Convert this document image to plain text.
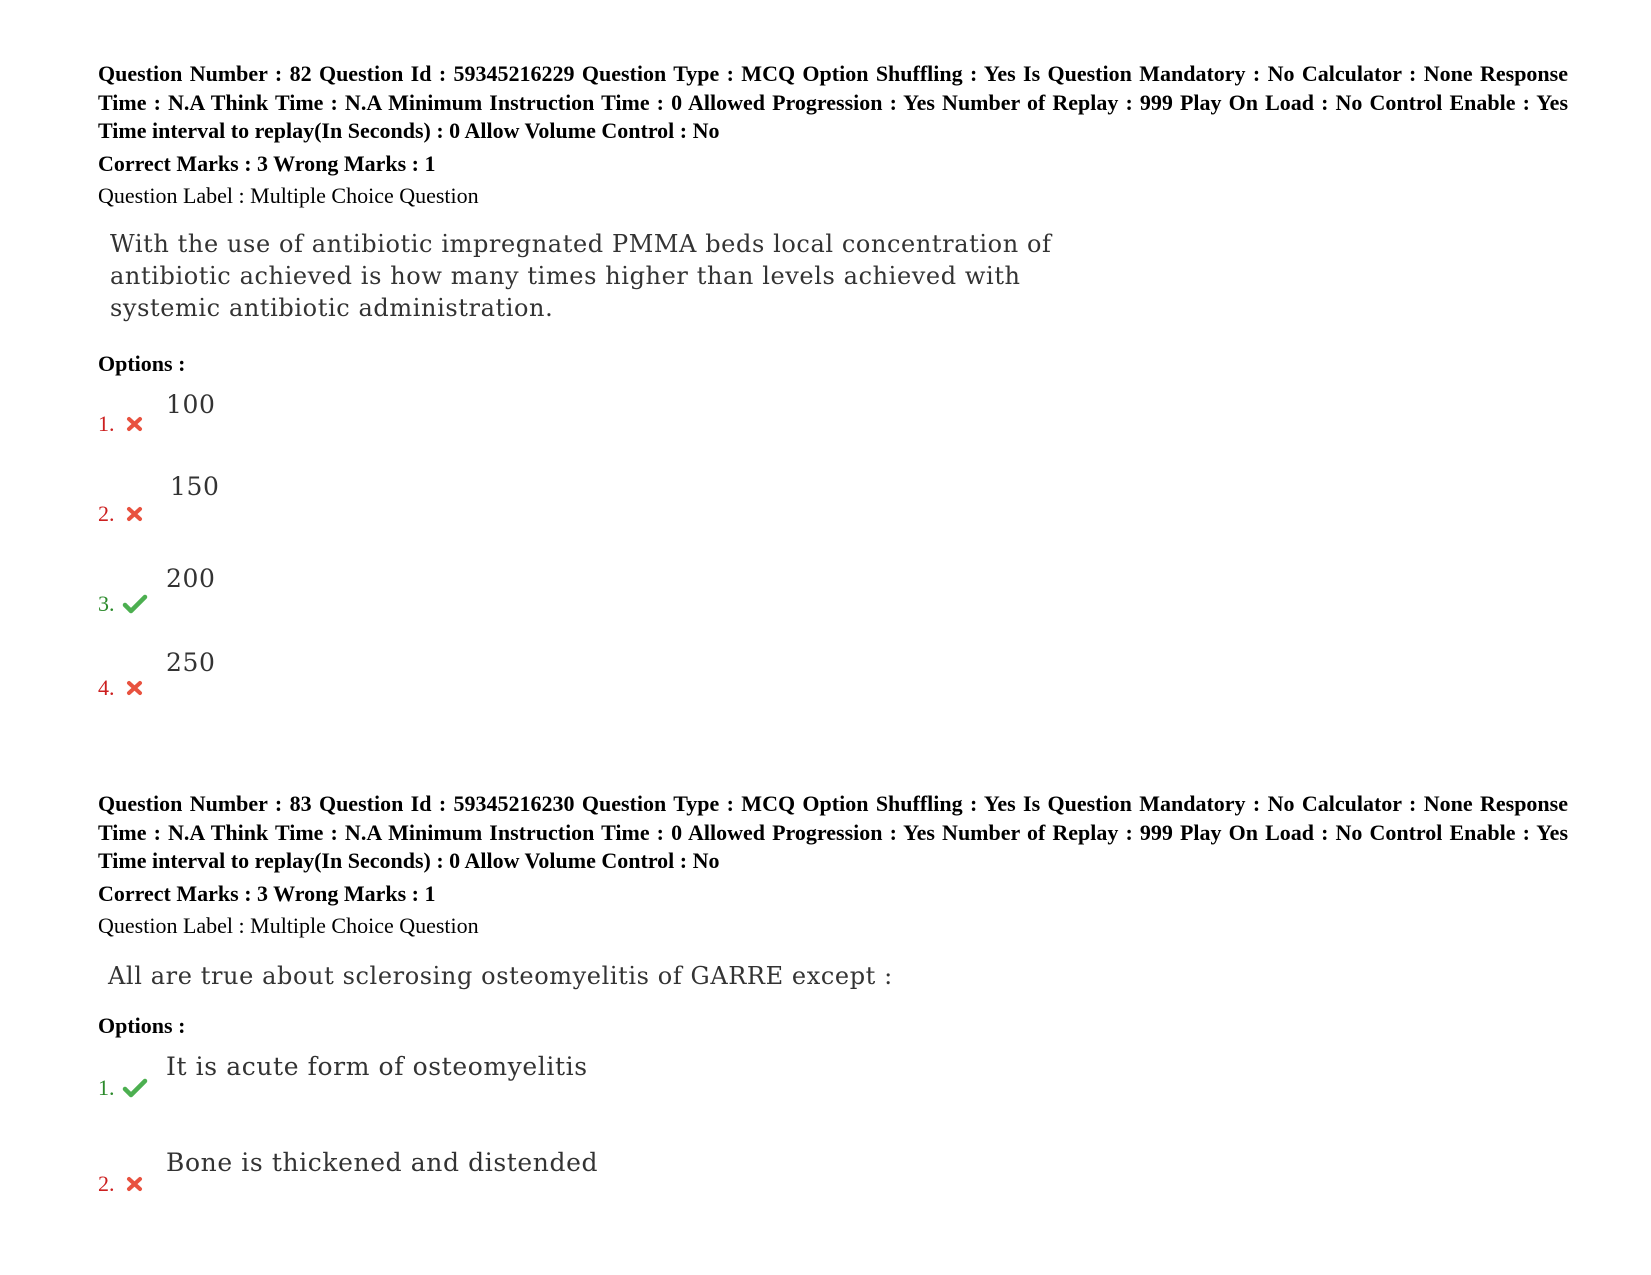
Question Number : 82 Question Id : 59345216229 Question Type : MCQ Option Shuffling : Yes Is Question Mandatory : No Calculator : None Response Time : N.A Think Time : N.A Minimum Instruction Time : 0 Allowed Progression : Yes Number of Replay : 999 Play On Load : No Control Enable : Yes Time interval to replay(In Seconds) : 0 Allow Volume Control : No

Correct Marks : 3 Wrong Marks : 1

Question Label : Multiple Choice Question

With the use of antibiotic impregnated PMMA beds local concentration of antibiotic achieved is how many times higher than levels achieved with systemic antibiotic administration.

Options :

1.
100
2.
150
3.
200
4.
250

Question Number : 83 Question Id : 59345216230 Question Type : MCQ Option Shuffling : Yes Is Question Mandatory : No Calculator : None Response Time : N.A Think Time : N.A Minimum Instruction Time : 0 Allowed Progression : Yes Number of Replay : 999 Play On Load : No Control Enable : Yes Time interval to replay(In Seconds) : 0 Allow Volume Control : No

Correct Marks : 3 Wrong Marks : 1

Question Label : Multiple Choice Question

All are true about sclerosing osteomyelitis of GARRE except :

Options :

1.
It is acute form of osteomyelitis
2.
Bone is thickened and distended
